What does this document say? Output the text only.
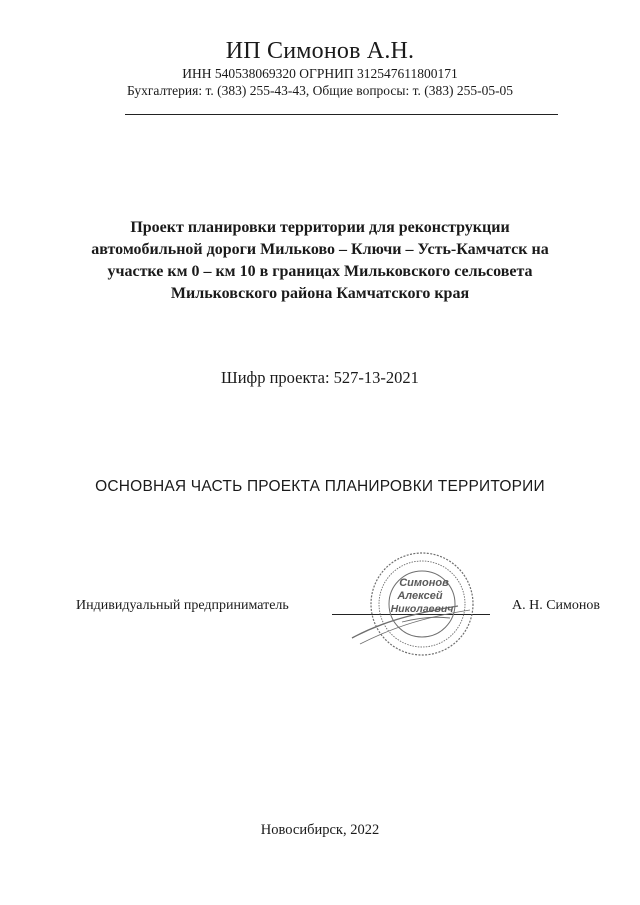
ИП Симонов А.Н.
ИНН 540538069320 ОГРНИП 312547611800171
Бухгалтерия: т. (383) 255-43-43, Общие вопросы: т. (383) 255-05-05
Проект планировки территории для реконструкции
автомобильной дороги Мильково – Ключи – Усть-Камчатск на
участке км 0 – км 10 в границах Мильковского сельсовета
Мильковского района Камчатского края
Шифр проекта: 527-13-2021
ОСНОВНАЯ ЧАСТЬ ПРОЕКТА ПЛАНИРОВКИ ТЕРРИТОРИИ
Индивидуальный предприниматель	А. Н. Симонов
Симонов
Алексей
Николаевич
Новосибирск, 2022
